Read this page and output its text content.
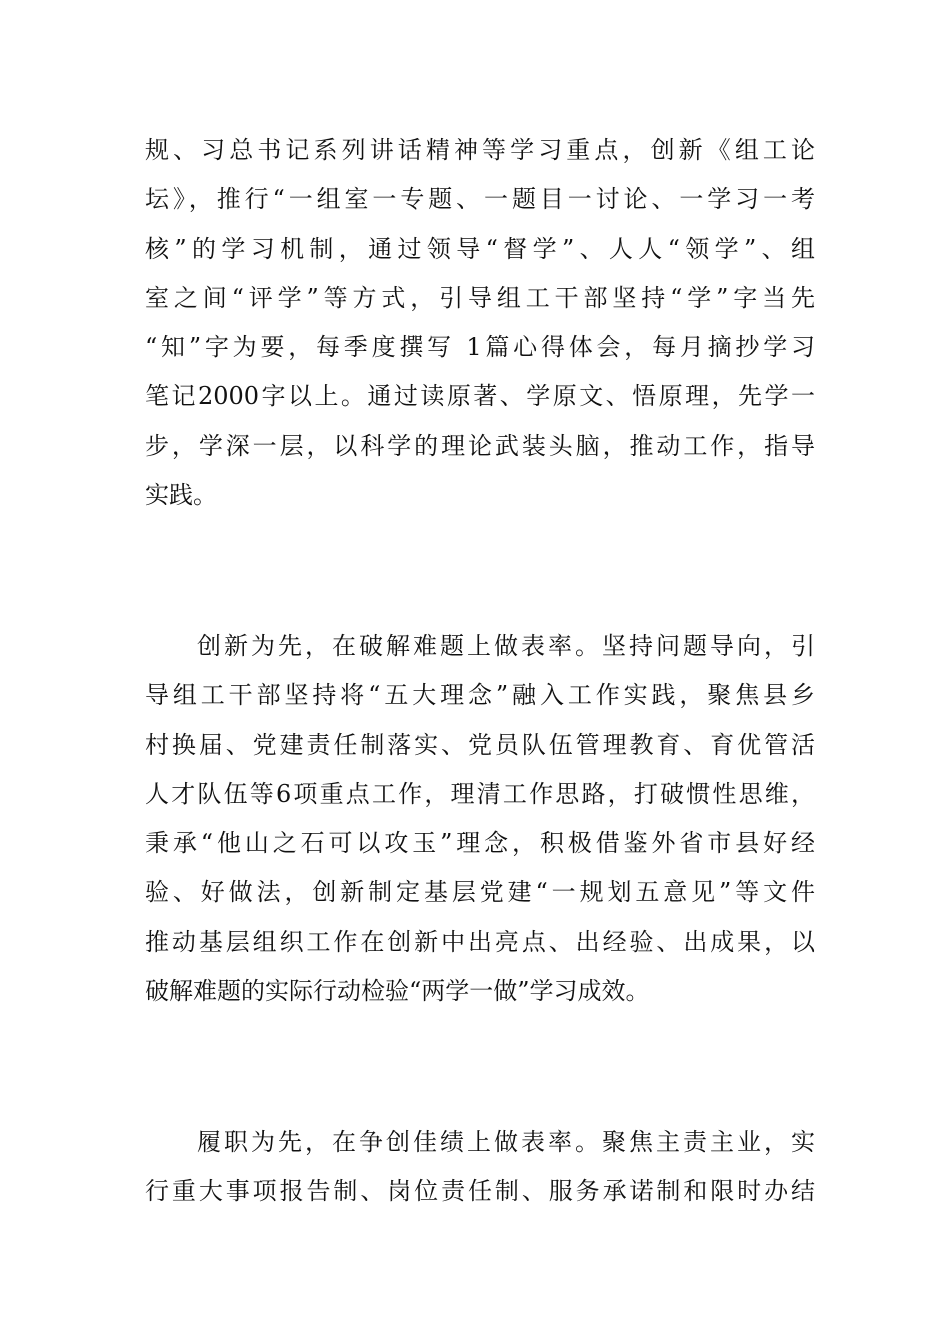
规、习总书记系列讲话精神等学习重点，创新《组工论
坛》，推行“一组室一专题、一题目一讨论、一学习一考
核”的学习机制，通过领导“督学”、人人“领学”、组
室之间“评学”等方式，引导组工干部坚持“学”字当先
“知”字为要，每季度撰写 1篇心得体会，每月摘抄学习
笔记2000字以上。通过读原著、学原文、悟原理，先学一
步，学深一层，以科学的理论武装头脑，推动工作，指导
实践。

创新为先，在破解难题上做表率。坚持问题导向，引
导组工干部坚持将“五大理念”融入工作实践，聚焦县乡
村换届、党建责任制落实、党员队伍管理教育、育优管活
人才队伍等6项重点工作，理清工作思路，打破惯性思维，
秉承“他山之石可以攻玉”理念，积极借鉴外省市县好经
验、好做法，创新制定基层党建“一规划五意见”等文件
推动基层组织工作在创新中出亮点、出经验、出成果，以
破解难题的实际行动检验“两学一做”学习成效。

履职为先，在争创佳绩上做表率。聚焦主责主业，实
行重大事项报告制、岗位责任制、服务承诺制和限时办结
